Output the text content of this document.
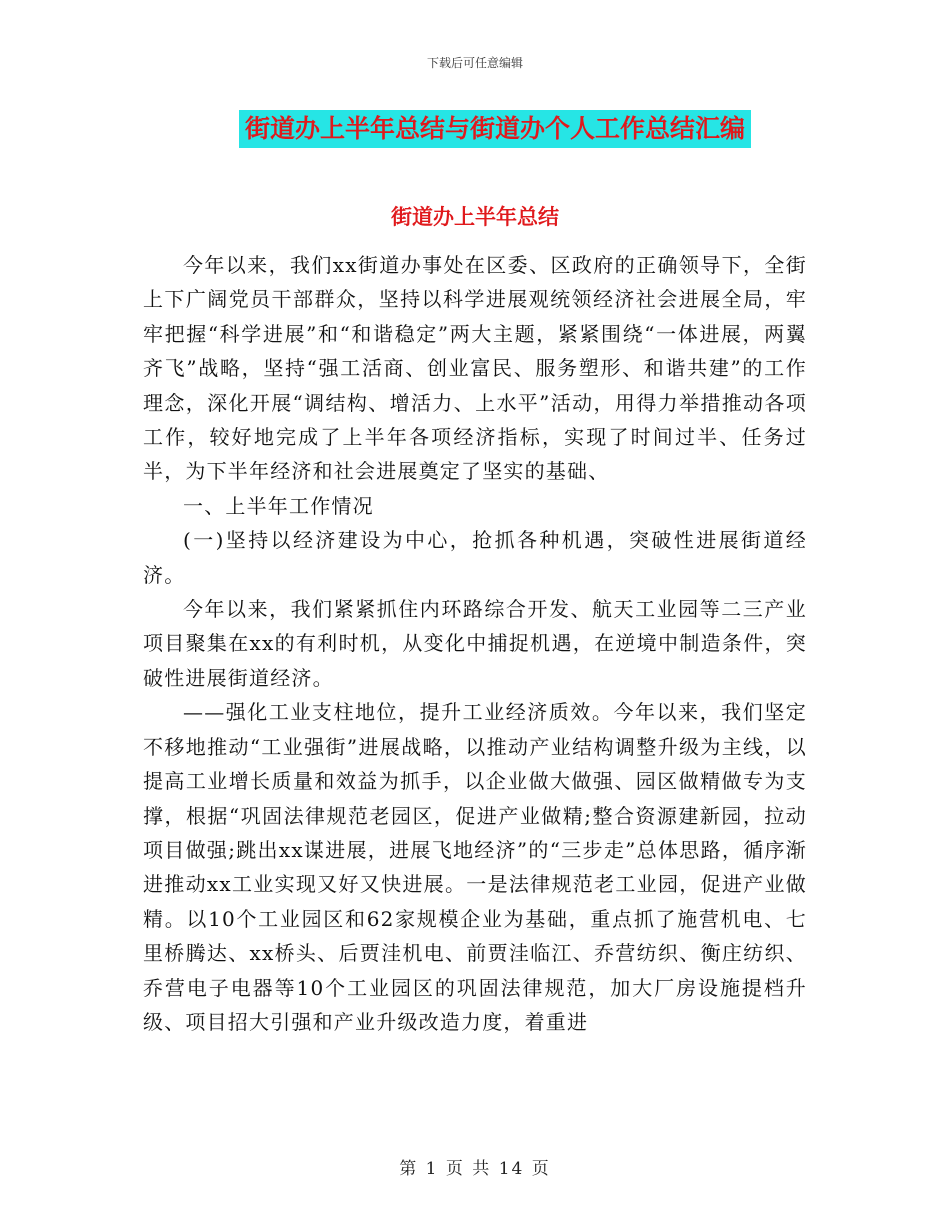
下载后可任意编辑
街道办上半年总结与街道办个人工作总结汇编
街道办上半年总结

今年以来，我们xx街道办事处在区委、区政府的正确领导下，全街上下广阔党员干部群众，坚持以科学进展观统领经济社会进展全局，牢牢把握“科学进展”和“和谐稳定”两大主题，紧紧围绕“一体进展，两翼齐飞”战略，坚持“强工活商、创业富民、服务塑形、和谐共建”的工作理念，深化开展“调结构、增活力、上水平”活动，用得力举措推动各项工作，较好地完成了上半年各项经济指标，实现了时间过半、任务过半，为下半年经济和社会进展奠定了坚实的基础、

一、上半年工作情况

(一)坚持以经济建设为中心，抢抓各种机遇，突破性进展街道经济。

今年以来，我们紧紧抓住内环路综合开发、航天工业园等二三产业项目聚集在xx的有利时机，从变化中捕捉机遇，在逆境中制造条件，突破性进展街道经济。

——强化工业支柱地位，提升工业经济质效。今年以来，我们坚定不移地推动“工业强街”进展战略，以推动产业结构调整升级为主线，以提高工业增长质量和效益为抓手，以企业做大做强、园区做精做专为支撑，根据“巩固法律规范老园区，促进产业做精;整合资源建新园，拉动项目做强;跳出xx谋进展，进展飞地经济”的“三步走”总体思路，循序渐进推动xx工业实现又好又快进展。一是法律规范老工业园，促进产业做精。以10个工业园区和62家规模企业为基础，重点抓了施营机电、七里桥腾达、xx桥头、后贾洼机电、前贾洼临江、乔营纺织、衡庄纺织、乔营电子电器等10个工业园区的巩固法律规范，加大厂房设施提档升级、项目招大引强和产业升级改造力度，着重进

第 1 页 共 14 页
